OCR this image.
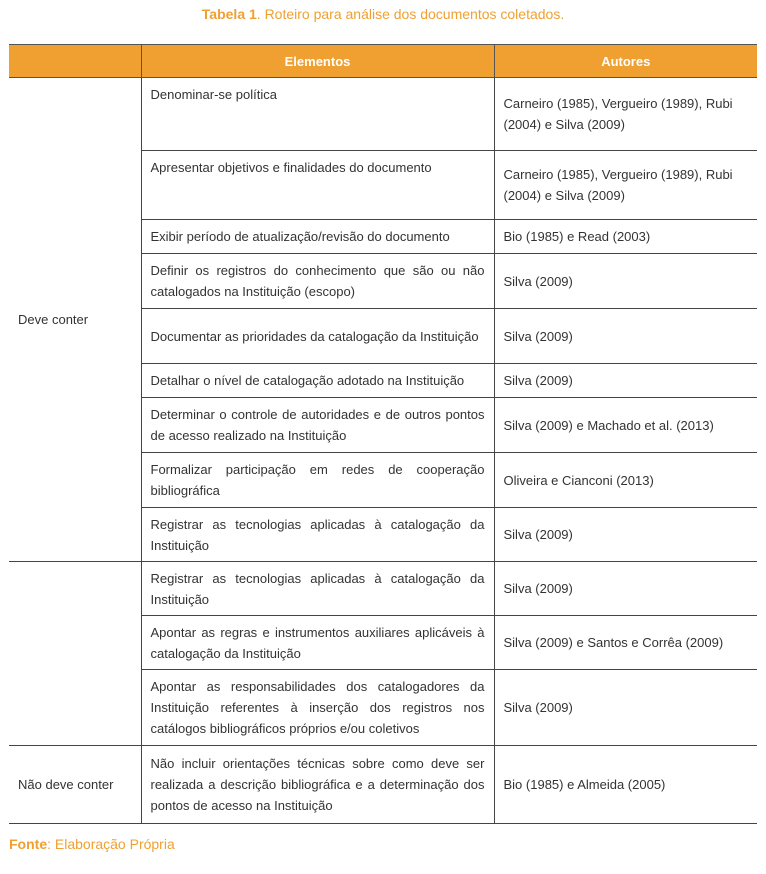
Tabela 1. Roteiro para análise dos documentos coletados.
	Elementos	Autores
Deve conter	Denominar-se política	Carneiro (1985), Vergueiro (1989), Rubi (2004) e Silva (2009)
	Apresentar objetivos e finalidades do documento	Carneiro (1985), Vergueiro (1989), Rubi (2004) e Silva (2009)
	Exibir período de atualização/revisão do documento	Bio (1985) e Read (2003)
	Definir os registros do conhecimento que são ou não catalogados na Instituição (escopo)	Silva (2009)
	Documentar as prioridades da catalogação da Instituição	Silva (2009)
	Detalhar o nível de catalogação adotado na Instituição	Silva (2009)
	Determinar o controle de autoridades e de outros pontos de acesso realizado na Instituição	Silva (2009) e Machado et al. (2013)
	Formalizar participação em redes de cooperação bibliográfica	Oliveira e Cianconi (2013)
	Registrar as tecnologias aplicadas à catalogação da Instituição	Silva (2009)
	Registrar as tecnologias aplicadas à catalogação da Instituição	Silva (2009)
	Apontar as regras e instrumentos auxiliares aplicáveis à catalogação da Instituição	Silva (2009) e Santos e Corrêa (2009)
	Apontar as responsabilidades dos catalogadores da Instituição referentes à inserção dos registros nos catálogos bibliográficos próprios e/ou coletivos	Silva (2009)
Não deve conter	Não incluir orientações técnicas sobre como deve ser realizada a descrição bibliográfica e a determinação dos pontos de acesso na Instituição	Bio (1985) e Almeida (2005)
Fonte: Elaboração Própria
